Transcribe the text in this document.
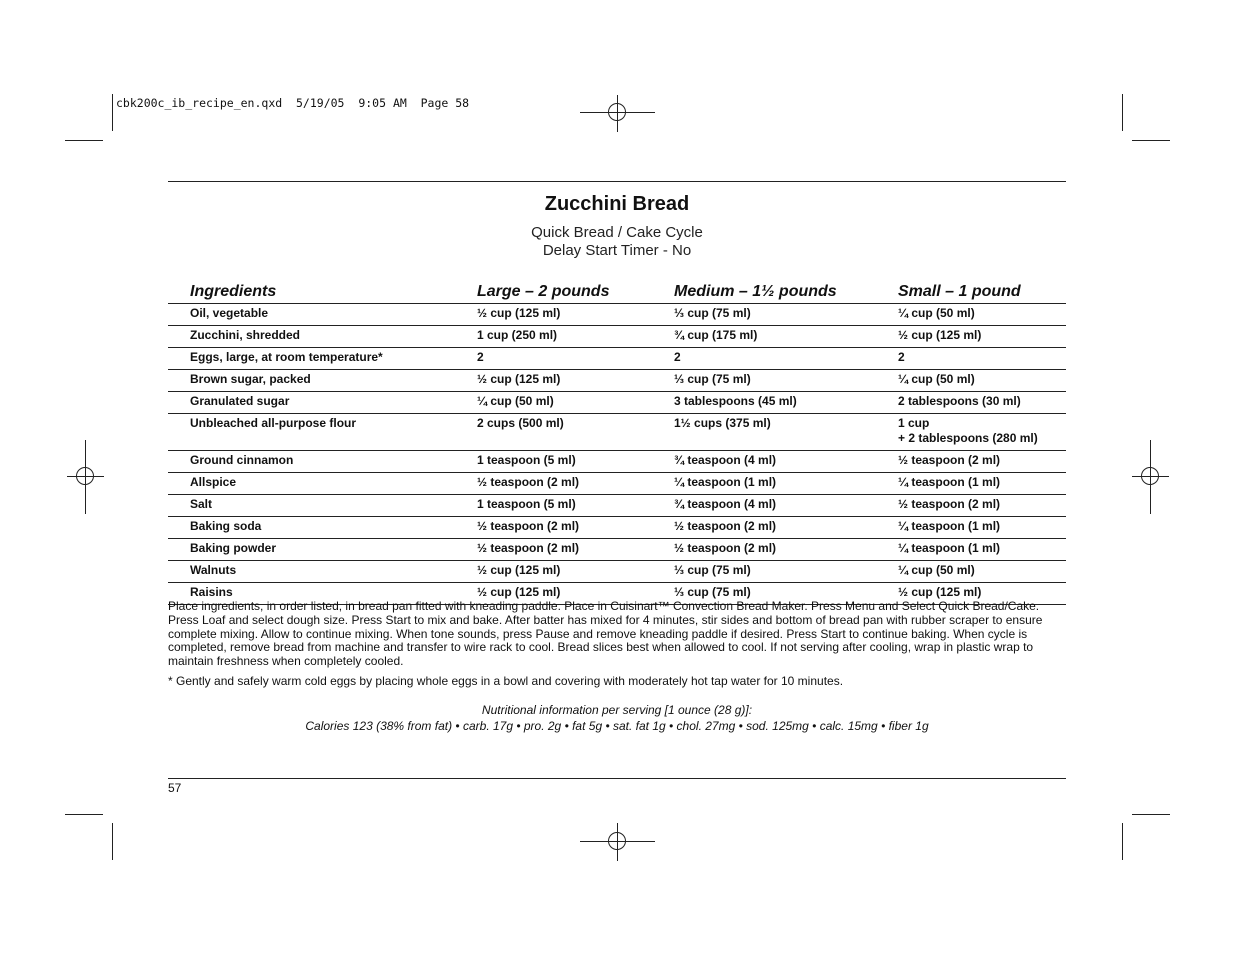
cbk200c_ib_recipe_en.qxd  5/19/05  9:05 AM  Page 58
Zucchini Bread
Quick Bread / Cake Cycle
Delay Start Timer - No
Ingredients	Large – 2 pounds	Medium – 1½ pounds	Small – 1 pound
Oil, vegetable	½ cup (125 ml)	⅓ cup (75 ml)	¼ cup (50 ml)
Zucchini, shredded	1 cup (250 ml)	¾ cup (175 ml)	½ cup (125 ml)
Eggs, large, at room temperature*	2	2	2
Brown sugar, packed	½ cup (125 ml)	⅓ cup (75 ml)	¼ cup (50 ml)
Granulated sugar	¼ cup (50 ml)	3 tablespoons (45 ml)	2 tablespoons (30 ml)
Unbleached all-purpose flour	2 cups (500 ml)	1½ cups (375 ml)	1 cup
+ 2 tablespoons (280 ml)

Ground cinnamon	1 teaspoon (5 ml)	¾ teaspoon (4 ml)	½ teaspoon (2 ml)
Allspice	½ teaspoon (2 ml)	¼ teaspoon (1 ml)	¼ teaspoon (1 ml)
Salt	1 teaspoon (5 ml)	¾ teaspoon (4 ml)	½ teaspoon (2 ml)
Baking soda	½ teaspoon (2 ml)	½ teaspoon (2 ml)	¼ teaspoon (1 ml)
Baking powder	½ teaspoon (2 ml)	½ teaspoon (2 ml)	¼ teaspoon (1 ml)
Walnuts	½ cup (125 ml)	⅓ cup (75 ml)	¼ cup (50 ml)
Raisins	½ cup (125 ml)	⅓ cup (75 ml)	½ cup (125 ml)
Place ingredients, in order listed, in bread pan fitted with kneading paddle. Place in Cuisinart™ Convection Bread Maker. Press Menu and Select Quick Bread/Cake. Press Loaf and select dough size. Press Start to mix and bake. After batter has mixed for 4 minutes, stir sides and bottom of bread pan with rubber scraper to ensure complete mixing. Allow to continue mixing. When tone sounds, press Pause and remove kneading paddle if desired. Press Start to continue baking. When cycle is completed, remove bread from machine and transfer to wire rack to cool. Bread slices best when allowed to cool. If not serving after cooling, wrap in plastic wrap to maintain freshness when completely cooled.
* Gently and safely warm cold eggs by placing whole eggs in a bowl and covering with moderately hot tap water for 10 minutes.
Nutritional information per serving [1 ounce (28 g)]:
Calories 123 (38% from fat) • carb. 17g • pro. 2g • fat 5g • sat. fat 1g • chol. 27mg • sod. 125mg • calc. 15mg • fiber 1g
57
